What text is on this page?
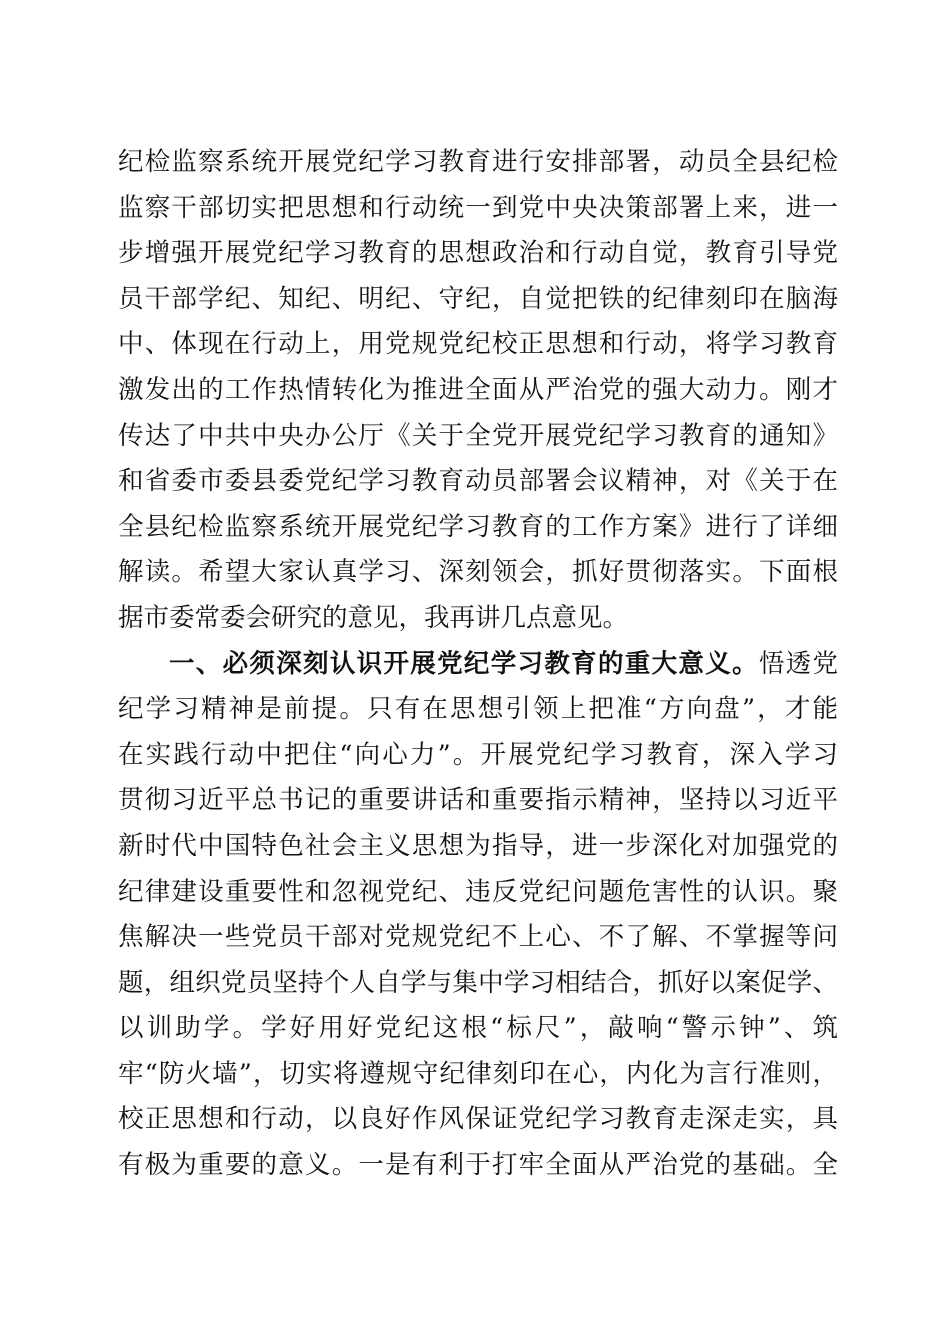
纪检监察系统开展党纪学习教育进行安排部署，动员全县纪检
监察干部切实把思想和行动统一到党中央决策部署上来，进一
步增强开展党纪学习教育的思想政治和行动自觉，教育引导党
员干部学纪、知纪、明纪、守纪，自觉把铁的纪律刻印在脑海
中、体现在行动上，用党规党纪校正思想和行动，将学习教育
激发出的工作热情转化为推进全面从严治党的强大动力。刚才
传达了中共中央办公厅《关于全党开展党纪学习教育的通知》
和省委市委县委党纪学习教育动员部署会议精神，对《关于在
全县纪检监察系统开展党纪学习教育的工作方案》进行了详细
解读。希望大家认真学习、深刻领会，抓好贯彻落实。下面根
据市委常委会研究的意见，我再讲几点意见。
一、必须深刻认识开展党纪学习教育的重大意义。悟透党
纪学习精神是前提。只有在思想引领上把准“方向盘”，才能
在实践行动中把住“向心力”。开展党纪学习教育，深入学习
贯彻习近平总书记的重要讲话和重要指示精神，坚持以习近平
新时代中国特色社会主义思想为指导，进一步深化对加强党的
纪律建设重要性和忽视党纪、违反党纪问题危害性的认识。聚
焦解决一些党员干部对党规党纪不上心、不了解、不掌握等问
题，组织党员坚持个人自学与集中学习相结合，抓好以案促学、
以训助学。学好用好党纪这根“标尺”，敲响“警示钟”、筑
牢“防火墙”，切实将遵规守纪律刻印在心，内化为言行准则，
校正思想和行动，以良好作风保证党纪学习教育走深走实，具
有极为重要的意义。一是有利于打牢全面从严治党的基础。全
